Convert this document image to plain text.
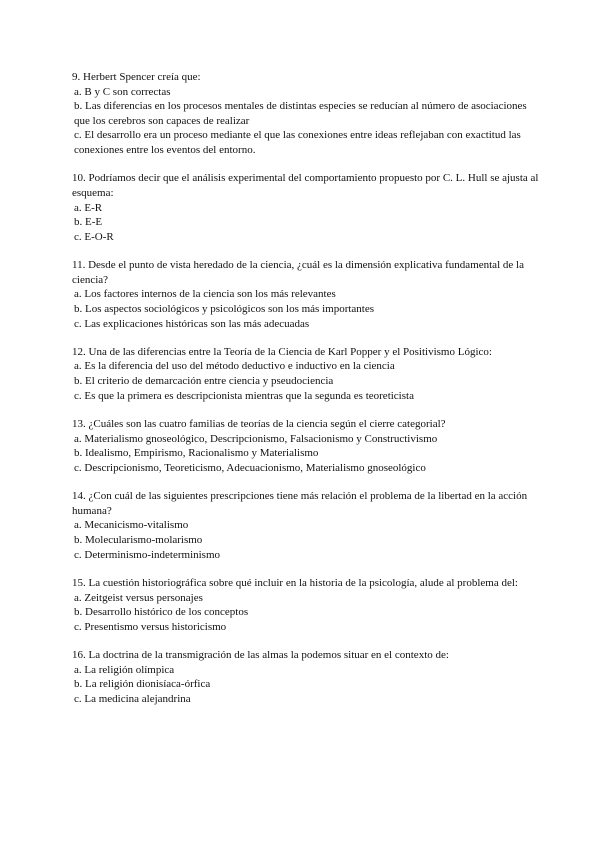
9. Herbert Spencer creía que:
a. B y C son correctas
b. Las diferencias en los procesos mentales de distintas especies se reducían al número de asociaciones que los cerebros son capaces de realizar
c. El desarrollo era un proceso mediante el que las conexiones entre ideas reflejaban con exactitud las conexiones entre los eventos del entorno.
10. Podríamos decir que el análisis experimental del comportamiento propuesto por C. L. Hull se ajusta al esquema:
a. E-R
b. E-E
c. E-O-R
11. Desde el punto de vista heredado de la ciencia, ¿cuál es la dimensión explicativa fundamental de la ciencia?
a. Los factores internos de la ciencia son los más relevantes
b. Los aspectos sociológicos y psicológicos son los más importantes
c. Las explicaciones históricas son las más adecuadas
12. Una de las diferencias entre la Teoría de la Ciencia de Karl Popper y el Positivismo Lógico:
a. Es la diferencia del uso del método deductivo e inductivo en la ciencia
b. El criterio de demarcación entre ciencia y pseudociencia
c. Es que la primera es descripcionista mientras que la segunda es teoreticista
13. ¿Cuáles son las cuatro familias de teorías de la ciencia según el cierre categorial?
a. Materialismo gnoseológico, Descripcionismo, Falsacionismo y Constructivismo
b. Idealismo, Empirismo, Racionalismo y Materialismo
c. Descripcionismo, Teoreticismo, Adecuacionismo, Materialismo gnoseológico
14. ¿Con cuál de las siguientes prescripciones tiene más relación el problema de la libertad en la acción humana?
a. Mecanicismo-vitalismo
b. Molecularismo-molarismo
c. Determinismo-indeterminismo
15. La cuestión historiográfica sobre qué incluir en la historia de la psicología, alude al problema del:
a. Zeitgeist versus personajes
b. Desarrollo histórico de los conceptos
c. Presentismo versus historicismo
16. La doctrina de la transmigración de las almas la podemos situar en el contexto de:
a. La religión olímpica
b. La religión dionisíaca-órfica
c. La medicina alejandrina
